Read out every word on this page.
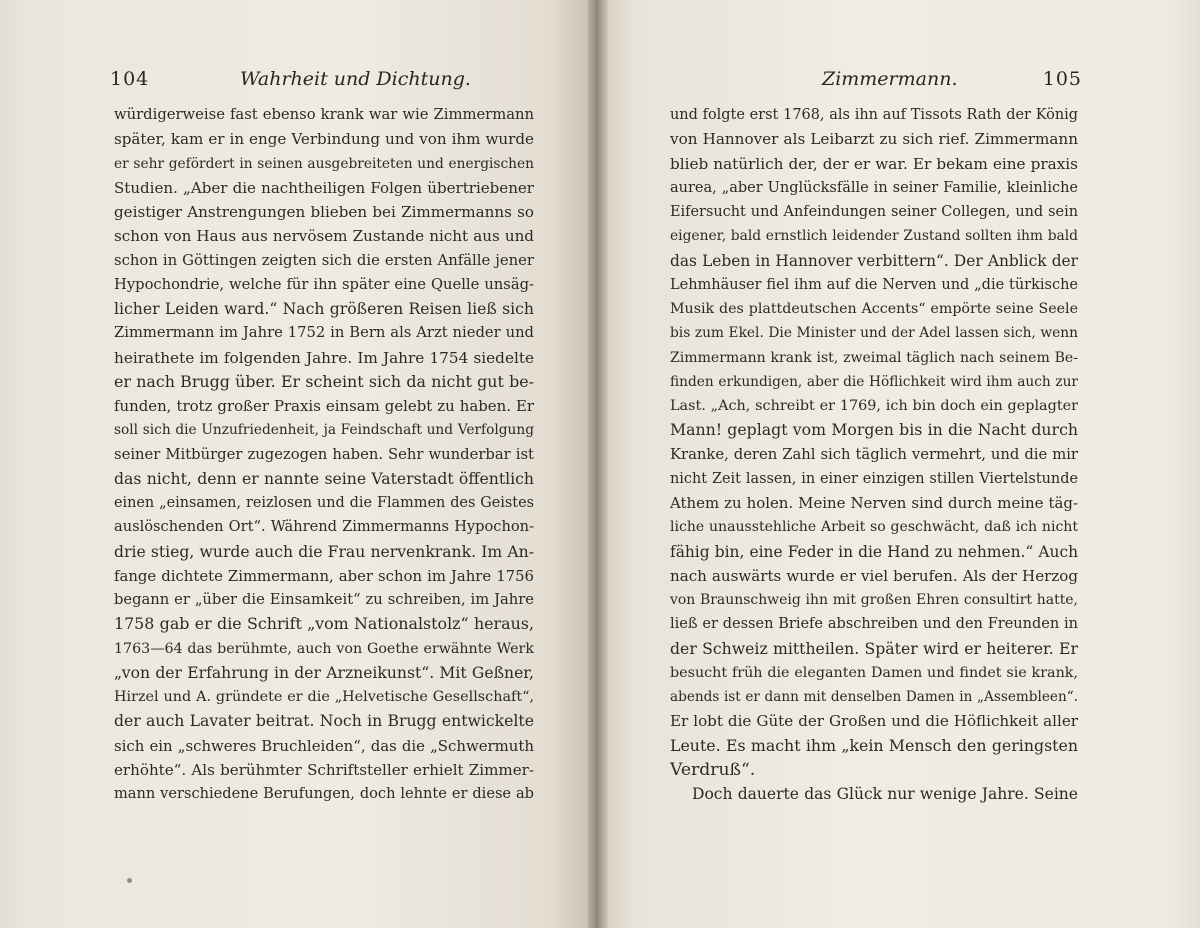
104	Wahrheit und Dichtung.
würdigerweise fast ebenso krank war wie Zimmermann
später, kam er in enge Verbindung und von ihm wurde
er sehr gefördert in seinen ausgebreiteten und energischen
Studien. „Aber die nachtheiligen Folgen übertriebener
geistiger Anstrengungen blieben bei Zimmermanns so
schon von Haus aus nervösem Zustande nicht aus und
schon in Göttingen zeigten sich die ersten Anfälle jener
Hypochondrie, welche für ihn später eine Quelle unsäg-
licher Leiden ward.“ Nach größeren Reisen ließ sich
Zimmermann im Jahre 1752 in Bern als Arzt nieder und
heirathete im folgenden Jahre. Im Jahre 1754 siedelte
er nach Brugg über. Er scheint sich da nicht gut be-
funden, trotz großer Praxis einsam gelebt zu haben. Er
soll sich die Unzufriedenheit, ja Feindschaft und Verfolgung
seiner Mitbürger zugezogen haben. Sehr wunderbar ist
das nicht, denn er nannte seine Vaterstadt öffentlich
einen „einsamen, reizlosen und die Flammen des Geistes
auslöschenden Ort“. Während Zimmermanns Hypochon-
drie stieg, wurde auch die Frau nervenkrank. Im An-
fange dichtete Zimmermann, aber schon im Jahre 1756
begann er „über die Einsamkeit“ zu schreiben, im Jahre
1758 gab er die Schrift „vom Nationalstolz“ heraus,
1763—64 das berühmte, auch von Goethe erwähnte Werk
„von der Erfahrung in der Arzneikunst“. Mit Geßner,
Hirzel und A. gründete er die „Helvetische Gesellschaft“,
der auch Lavater beitrat. Noch in Brugg entwickelte
sich ein „schweres Bruchleiden“, das die „Schwermuth
erhöhte“. Als berühmter Schriftsteller erhielt Zimmer-
mann verschiedene Berufungen, doch lehnte er diese ab
Zimmermann.	105
und folgte erst 1768, als ihn auf Tissots Rath der König
von Hannover als Leibarzt zu sich rief. Zimmermann
blieb natürlich der, der er war. Er bekam eine praxis
aurea, „aber Unglücksfälle in seiner Familie, kleinliche
Eifersucht und Anfeindungen seiner Collegen, und sein
eigener, bald ernstlich leidender Zustand sollten ihm bald
das Leben in Hannover verbittern“. Der Anblick der
Lehmhäuser fiel ihm auf die Nerven und „die türkische
Musik des plattdeutschen Accents“ empörte seine Seele
bis zum Ekel. Die Minister und der Adel lassen sich, wenn
Zimmermann krank ist, zweimal täglich nach seinem Be-
finden erkundigen, aber die Höflichkeit wird ihm auch zur
Last. „Ach, schreibt er 1769, ich bin doch ein geplagter
Mann! geplagt vom Morgen bis in die Nacht durch
Kranke, deren Zahl sich täglich vermehrt, und die mir
nicht Zeit lassen, in einer einzigen stillen Viertelstunde
Athem zu holen. Meine Nerven sind durch meine täg-
liche unausstehliche Arbeit so geschwächt, daß ich nicht
fähig bin, eine Feder in die Hand zu nehmen.“ Auch
nach auswärts wurde er viel berufen. Als der Herzog
von Braunschweig ihn mit großen Ehren consultirt hatte,
ließ er dessen Briefe abschreiben und den Freunden in
der Schweiz mittheilen. Später wird er heiterer. Er
besucht früh die eleganten Damen und findet sie krank,
abends ist er dann mit denselben Damen in „Assembleen“.
Er lobt die Güte der Großen und die Höflichkeit aller
Leute. Es macht ihm „kein Mensch den geringsten
Verdruß“.
Doch dauerte das Glück nur wenige Jahre. Seine
